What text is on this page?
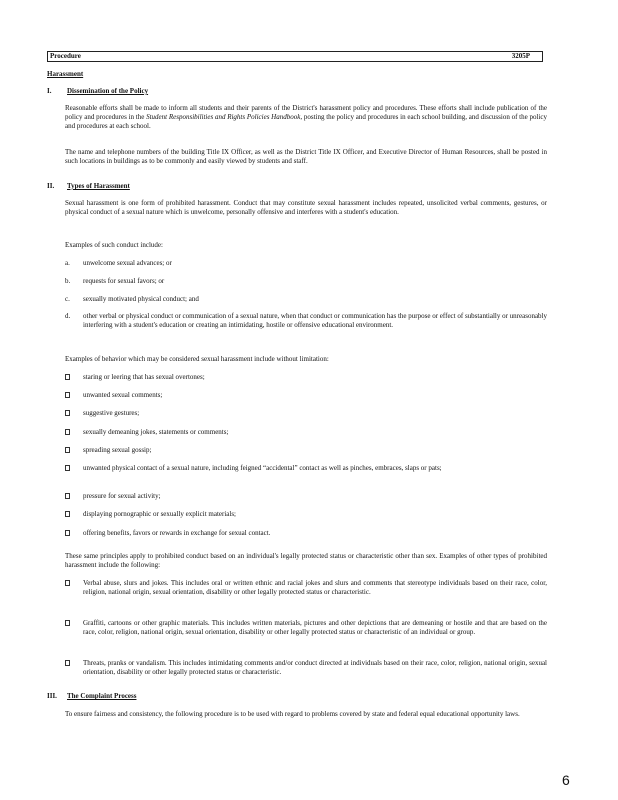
Procedure	3205P
Harassment
I.	Dissemination of the Policy
Reasonable efforts shall be made to inform all students and their parents of the District's harassment policy and procedures. These efforts shall include publication of the policy and procedures in the Student Responsibilities and Rights Policies Handbook, posting the policy and procedures in each school building, and discussion of the policy and procedures at each school.
The name and telephone numbers of the building Title IX Officer, as well as the District Title IX Officer, and Executive Director of Human Resources, shall be posted in such locations in buildings as to be commonly and easily viewed by students and staff.
II.	Types of Harassment
Sexual harassment is one form of prohibited harassment. Conduct that may constitute sexual harassment includes repeated, unsolicited verbal comments, gestures, or physical conduct of a sexual nature which is unwelcome, personally offensive and interferes with a student's education.
Examples of such conduct include:
a.	unwelcome sexual advances; or
b.	requests for sexual favors; or
c.	sexually motivated physical conduct; and
d.	other verbal or physical conduct or communication of a sexual nature, when that conduct or communication has the purpose or effect of substantially or unreasonably interfering with a student's education or creating an intimidating, hostile or offensive educational environment.
Examples of behavior which may be considered sexual harassment include without limitation:
staring or leering that has sexual overtones;
unwanted sexual comments;
suggestive gestures;
sexually demeaning jokes, statements or comments;
spreading sexual gossip;
unwanted physical contact of a sexual nature, including feigned “accidental” contact as well as pinches, embraces, slaps or pats;
pressure for sexual activity;
displaying pornographic or sexually explicit materials;
offering benefits, favors or rewards in exchange for sexual contact.
These same principles apply to prohibited conduct based on an individual's legally protected status or characteristic other than sex. Examples of other types of prohibited harassment include the following:
Verbal abuse, slurs and jokes. This includes oral or written ethnic and racial jokes and slurs and comments that stereotype individuals based on their race, color, religion, national origin, sexual orientation, disability or other legally protected status or characteristic.
Graffiti, cartoons or other graphic materials. This includes written materials, pictures and other depictions that are demeaning or hostile and that are based on the race, color, religion, national origin, sexual orientation, disability or other legally protected status or characteristic of an individual or group.
Threats, pranks or vandalism. This includes intimidating comments and/or conduct directed at individuals based on their race, color, religion, national origin, sexual orientation, disability or other legally protected status or characteristic.
III. The Complaint Process
To ensure fairness and consistency, the following procedure is to be used with regard to problems covered by state and federal equal educational opportunity laws.
6
